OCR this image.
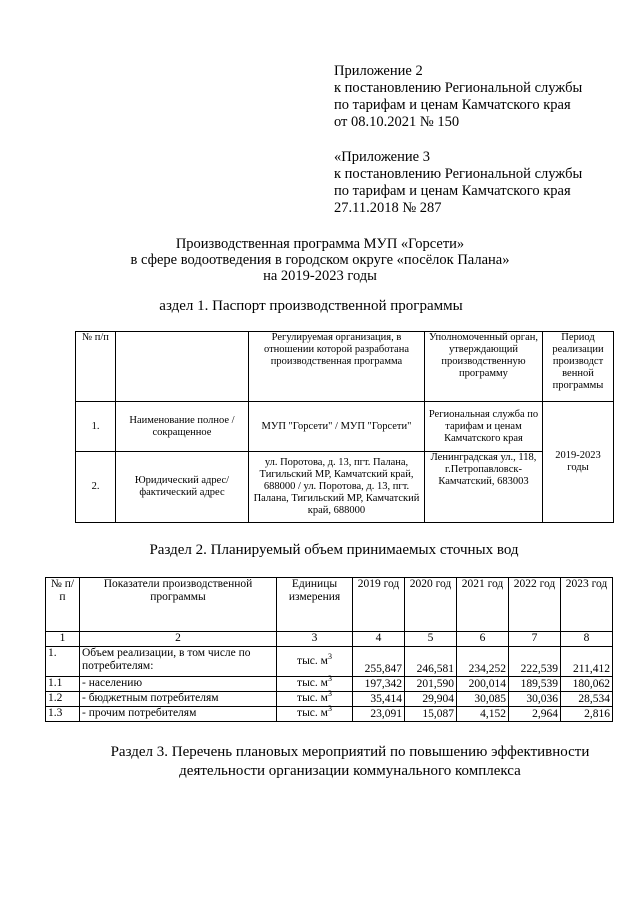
Приложение 2
к постановлению Региональной службы
по тарифам и ценам Камчатского края
от 08.10.2021 № 150
«Приложение 3
к постановлению Региональной службы
по тарифам и ценам Камчатского края
27.11.2018 № 287
Производственная программа МУП «Горсети»
в сфере водоотведения в городском округе «посёлок Палана»
на 2019-2023 годы
аздел 1. Паспорт производственной программы
№ п/п		Регулируемая организация, в отношении которой разработана производственная программа	Уполномоченный орган, утверждающий производственную программу	Период реализации производст венной программы
1.	Наименование полное / сокращенное	МУП "Горсети" / МУП "Горсети"	Региональная служба по тарифам и ценам Камчатского края	2019-2023 годы
2.	Юридический адрес/фактический адрес	ул. Поротова, д. 13, пгт. Палана, Тигильский МР, Камчатский край, 688000 / ул. Поротова, д. 13, пгт. Палана, Тигильский МР, Камчатский край, 688000	Ленинградская ул., 118, г.Петропавловск-Камчатский, 683003	
Раздел 2. Планируемый объем принимаемых сточных вод
№ п/п	Показатели производственной программы	Единицы измерения	2019 год	2020 год	2021 год	2022 год	2023 год
1	2	3	4	5	6	7	8
1.	Объем реализации, в том числе по потребителям:	тыс. $м^3$	255,847	246,581	234,252	222,539	211,412
1.1	- населению	тыс. $м^3$	197,342	201,590	200,014	189,539	180,062
1.2	- бюджетным потребителям	тыс. $м^3$	35,414	29,904	30,085	30,036	28,534
1.3	- прочим потребителям	тыс. $м^3$	23,091	15,087	4,152	2,964	2,816
Раздел 3. Перечень плановых мероприятий по повышению эффективности
деятельности организации коммунального комплекса
